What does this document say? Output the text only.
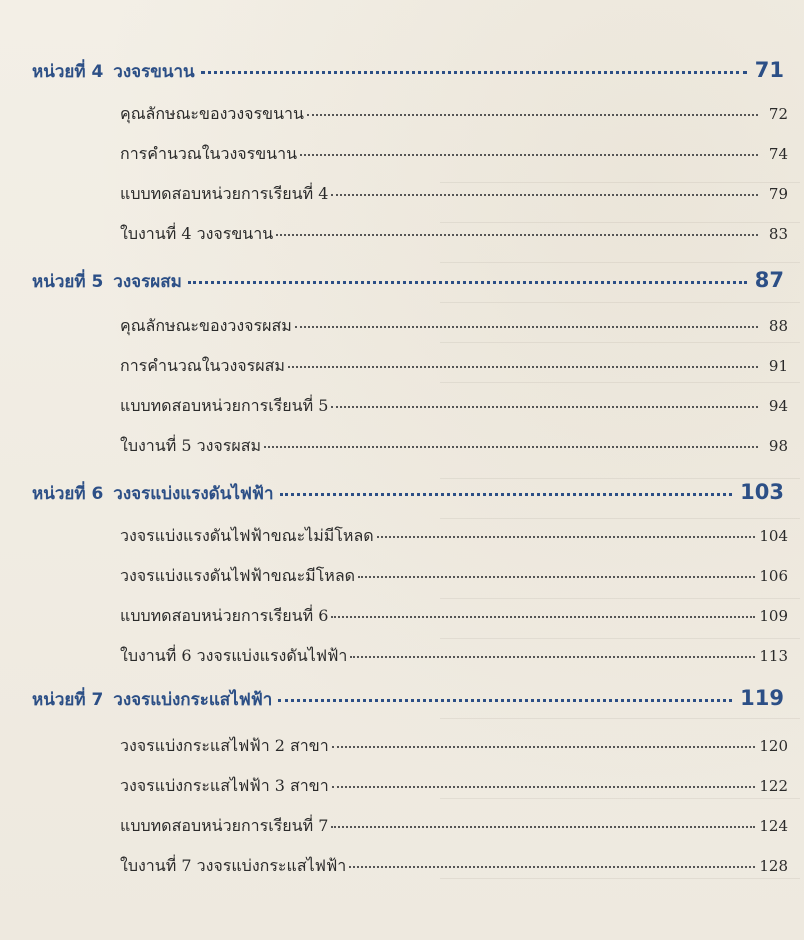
หน่วยที่ 4 วงจรขนาน	71
คุณลักษณะของวงจรขนาน	72
การคำนวณในวงจรขนาน	74
แบบทดสอบหน่วยการเรียนที่ 4	79
ใบงานที่ 4 วงจรขนาน	83
หน่วยที่ 5 วงจรผสม	87
คุณลักษณะของวงจรผสม	88
การคำนวณในวงจรผสม	91
แบบทดสอบหน่วยการเรียนที่ 5	94
ใบงานที่ 5 วงจรผสม	98
หน่วยที่ 6 วงจรแบ่งแรงดันไฟฟ้า	103
วงจรแบ่งแรงดันไฟฟ้าขณะไม่มีโหลด	104
วงจรแบ่งแรงดันไฟฟ้าขณะมีโหลด	106
แบบทดสอบหน่วยการเรียนที่ 6	109
ใบงานที่ 6 วงจรแบ่งแรงดันไฟฟ้า	113
หน่วยที่ 7 วงจรแบ่งกระแสไฟฟ้า	119
วงจรแบ่งกระแสไฟฟ้า 2 สาขา	120
วงจรแบ่งกระแสไฟฟ้า 3 สาขา	122
แบบทดสอบหน่วยการเรียนที่ 7	124
ใบงานที่ 7 วงจรแบ่งกระแสไฟฟ้า	128
